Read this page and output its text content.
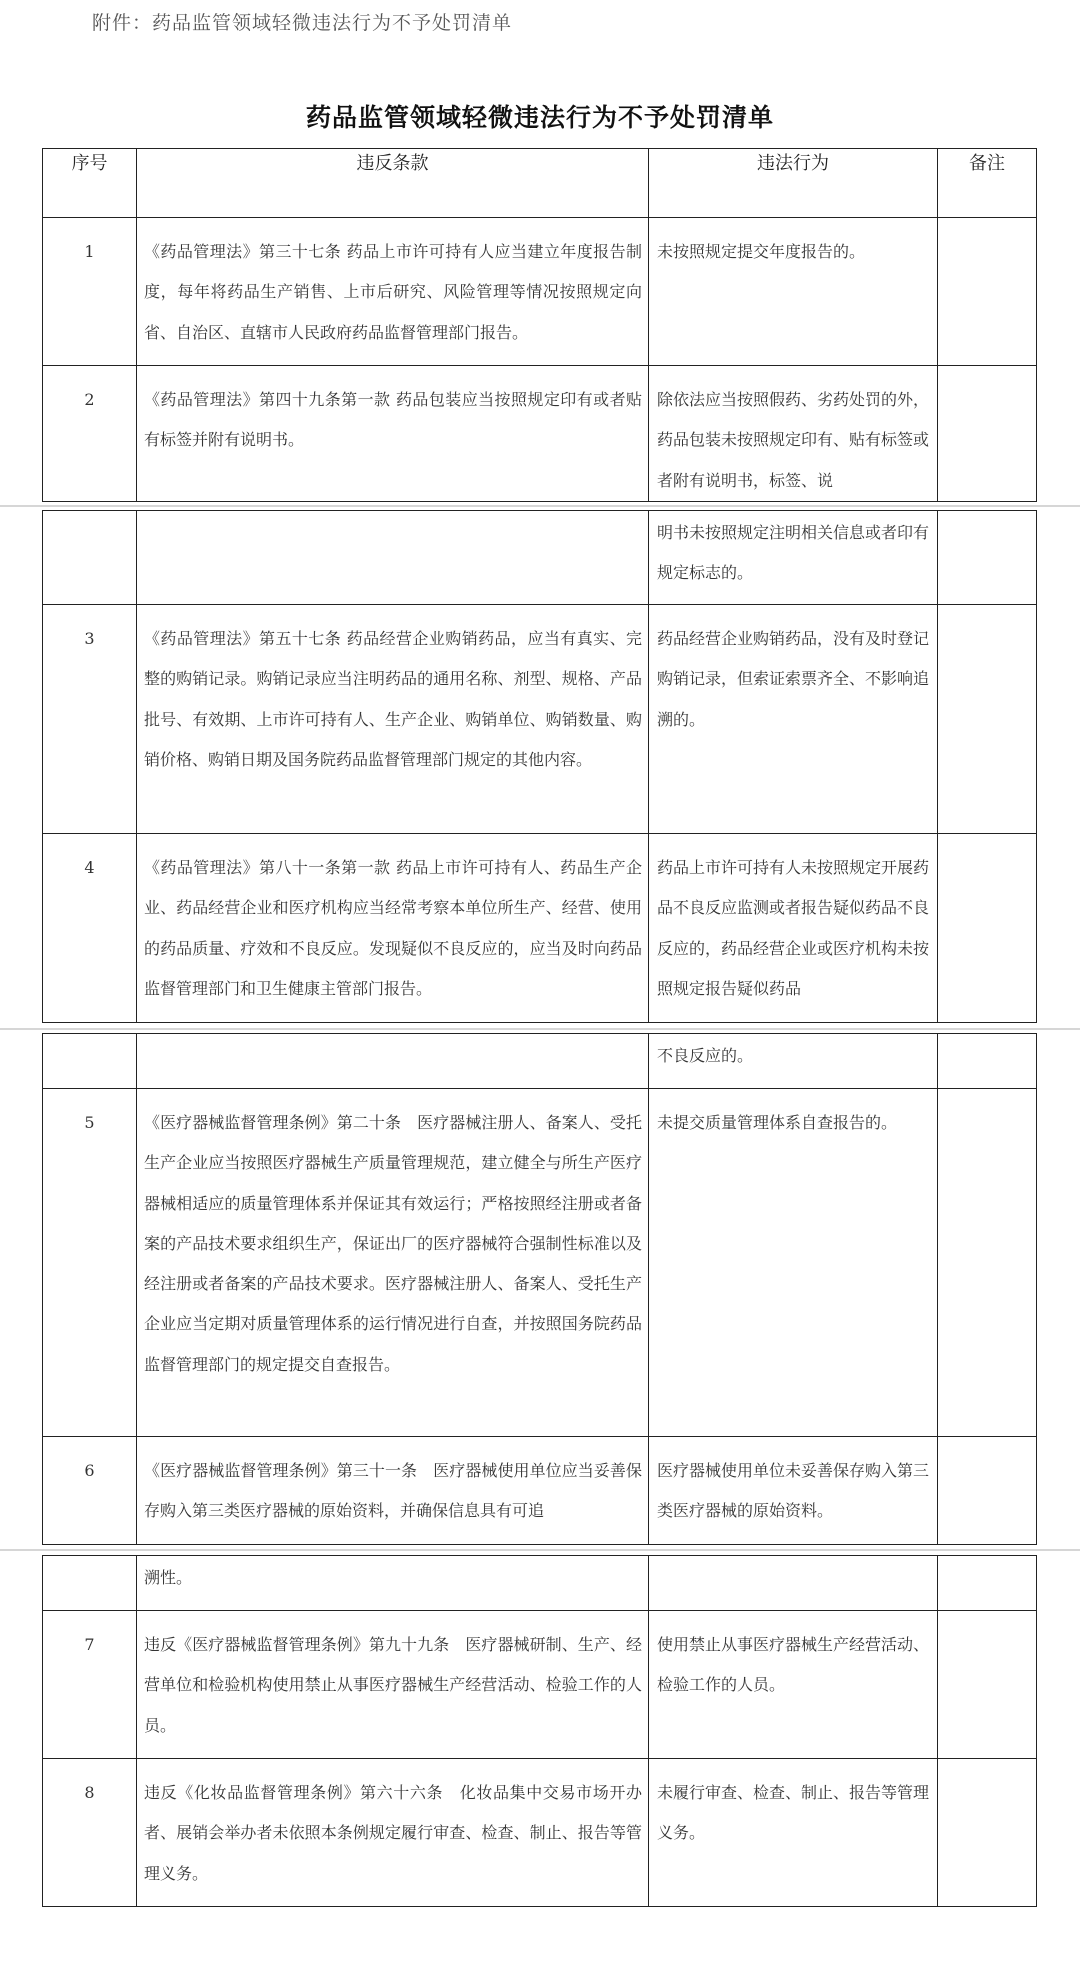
附件：药品监管领域轻微违法行为不予处罚清单
药品监管领域轻微违法行为不予处罚清单
序号	违反条款	违法行为	备注
1	《药品管理法》第三十七条 药品上市许可持有人应当建立年度报告制度，每年将药品生产销售、上市后研究、风险管理等情况按照规定向省、自治区、直辖市人民政府药品监督管理部门报告。	未按照规定提交年度报告的。	
2	《药品管理法》第四十九条第一款 药品包装应当按照规定印有或者贴有标签并附有说明书。	除依法应当按照假药、劣药处罚的外，药品包装未按照规定印有、贴有标签或者附有说明书，标签、说	
		明书未按照规定注明相关信息或者印有规定标志的。	
3	《药品管理法》第五十七条 药品经营企业购销药品，应当有真实、完整的购销记录。购销记录应当注明药品的通用名称、剂型、规格、产品批号、有效期、上市许可持有人、生产企业、购销单位、购销数量、购销价格、购销日期及国务院药品监督管理部门规定的其他内容。	药品经营企业购销药品，没有及时登记购销记录，但索证索票齐全、不影响追溯的。	
4	《药品管理法》第八十一条第一款 药品上市许可持有人、药品生产企业、药品经营企业和医疗机构应当经常考察本单位所生产、经营、使用的药品质量、疗效和不良反应。发现疑似不良反应的，应当及时向药品监督管理部门和卫生健康主管部门报告。	药品上市许可持有人未按照规定开展药品不良反应监测或者报告疑似药品不良反应的，药品经营企业或医疗机构未按照规定报告疑似药品	
		不良反应的。	
5	《医疗器械监督管理条例》第二十条　医疗器械注册人、备案人、受托生产企业应当按照医疗器械生产质量管理规范，建立健全与所生产医疗器械相适应的质量管理体系并保证其有效运行；严格按照经注册或者备案的产品技术要求组织生产，保证出厂的医疗器械符合强制性标准以及经注册或者备案的产品技术要求。医疗器械注册人、备案人、受托生产企业应当定期对质量管理体系的运行情况进行自查，并按照国务院药品监督管理部门的规定提交自查报告。	未提交质量管理体系自查报告的。	
6	《医疗器械监督管理条例》第三十一条　医疗器械使用单位应当妥善保存购入第三类医疗器械的原始资料，并确保信息具有可追	医疗器械使用单位未妥善保存购入第三类医疗器械的原始资料。	
	溯性。		
7	违反《医疗器械监督管理条例》第九十九条　医疗器械研制、生产、经营单位和检验机构使用禁止从事医疗器械生产经营活动、检验工作的人员。	使用禁止从事医疗器械生产经营活动、检验工作的人员。	
8	违反《化妆品监督管理条例》第六十六条　化妆品集中交易市场开办者、展销会举办者未依照本条例规定履行审查、检查、制止、报告等管理义务。	未履行审查、检查、制止、报告等管理义务。	
